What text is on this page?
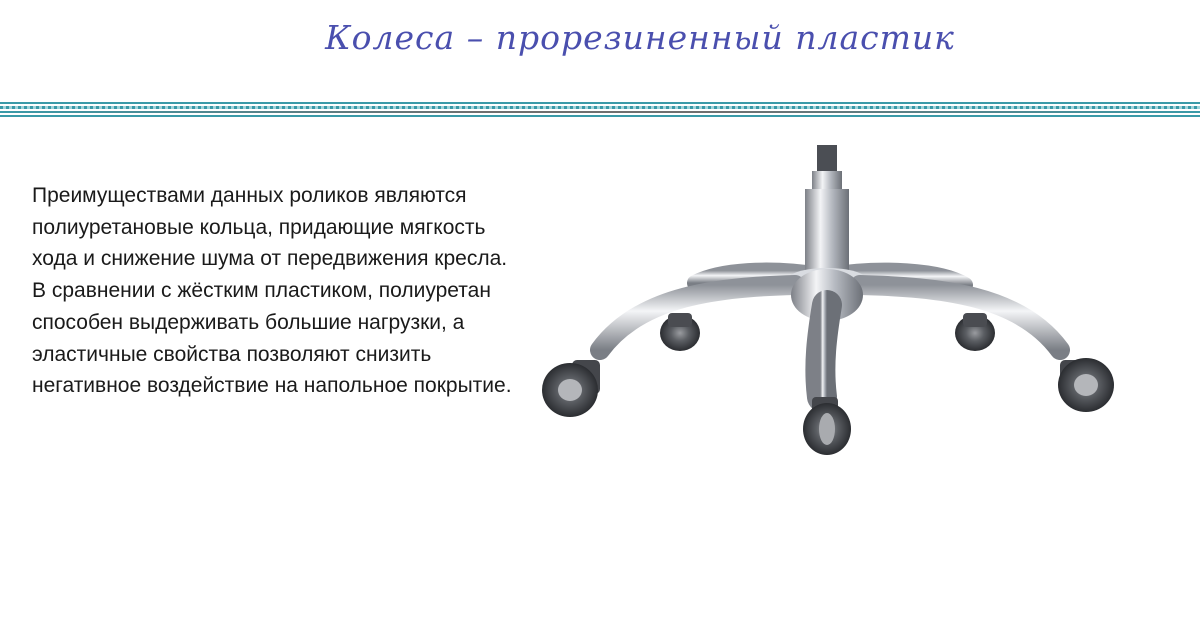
Колеса – прорезиненный пластик

Преимуществами данных роликов являются полиуретановые кольца, придающие мягкость хода и снижение шума от передвижения кресла. В сравнении с жёстким пластиком, полиуретан способен выдерживать большие нагрузки, а эластичные свойства позволяют снизить негативное воздействие на напольное покрытие.
